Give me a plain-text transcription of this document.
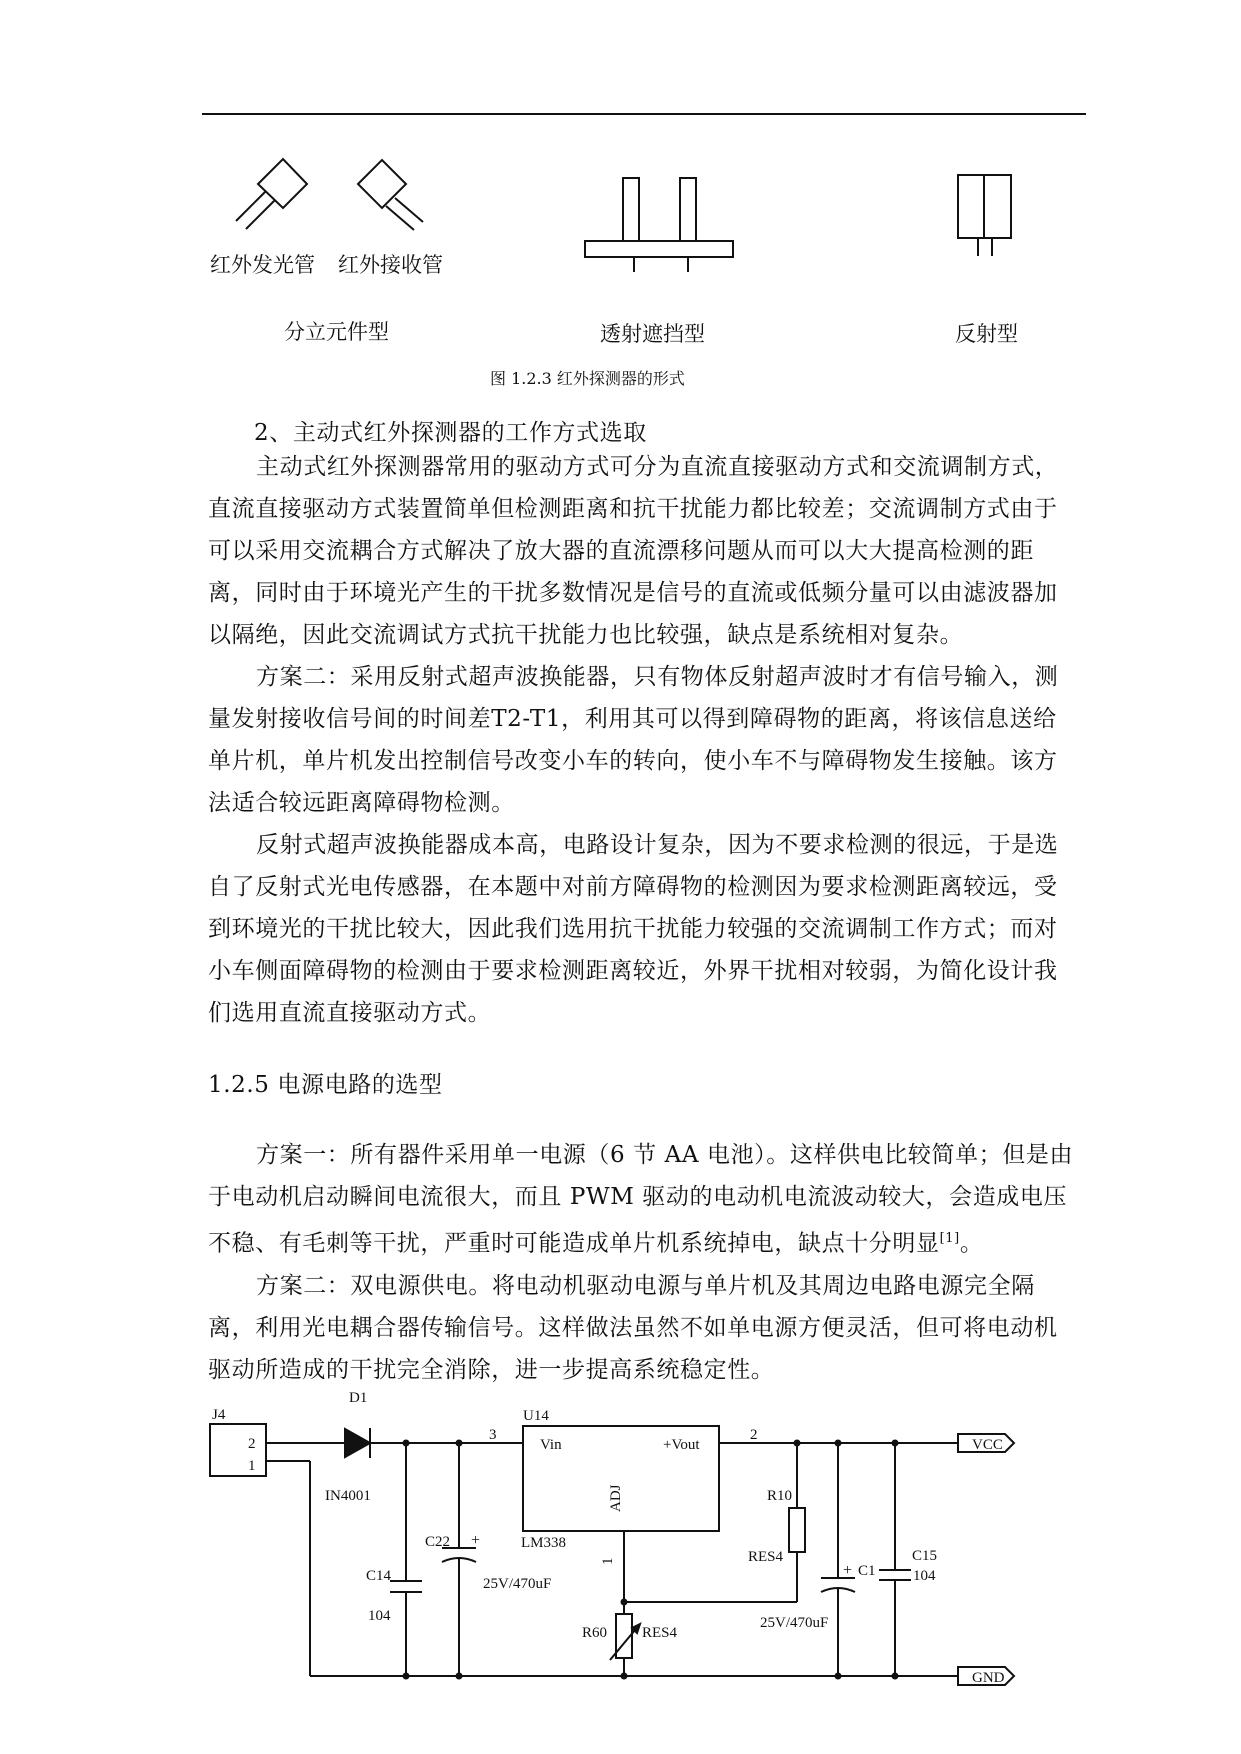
红外发光管 红外接收管
分立元件型	透射遮挡型	反射型
图 1.2.3 红外探测器的形式
2、主动式红外探测器的工作方式选取

主动式红外探测器常用的驱动方式可分为直流直接驱动方式和交流调制方式，直流直接驱动方式装置简单但检测距离和抗干扰能力都比较差；交流调制方式由于可以采用交流耦合方式解决了放大器的直流漂移问题从而可以大大提高检测的距离，同时由于环境光产生的干扰多数情况是信号的直流或低频分量可以由滤波器加以隔绝，因此交流调试方式抗干扰能力也比较强，缺点是系统相对复杂。

方案二：采用反射式超声波换能器，只有物体反射超声波时才有信号输入，测量发射接收信号间的时间差T2-T1，利用其可以得到障碍物的距离，将该信息送给单片机，单片机发出控制信号改变小车的转向，使小车不与障碍物发生接触。该方法适合较远距离障碍物检测。

反射式超声波换能器成本高，电路设计复杂，因为不要求检测的很远，于是选自了反射式光电传感器，在本题中对前方障碍物的检测因为要求检测距离较远，受到环境光的干扰比较大，因此我们选用抗干扰能力较强的交流调制工作方式；而对小车侧面障碍物的检测由于要求检测距离较近，外界干扰相对较弱，为简化设计我们选用直流直接驱动方式。

1.2.5 电源电路的选型

方案一：所有器件采用单一电源（6 节 AA 电池）。这样供电比较简单；但是由于电动机启动瞬间电流很大，而且 PWM 驱动的电动机电流波动较大，会造成电压不稳、有毛刺等干扰，严重时可能造成单片机系统掉电，缺点十分明显[1]。

方案二：双电源供电。将电动机驱动电源与单片机及其周边电路电源完全隔离，利用光电耦合器传输信号。这样做法虽然不如单电源方便灵活，但可将电动机驱动所造成的干扰完全消除，进一步提高系统稳定性。

+
+
J4
2
1
D1
IN4001
3
U14
Vin	+Vout
ADJ
LM338
2
1
R10
RES4
C22
25V/470uF
C14
104
C1
25V/470uF
C15
104
R60 RES4
VCC
GND
